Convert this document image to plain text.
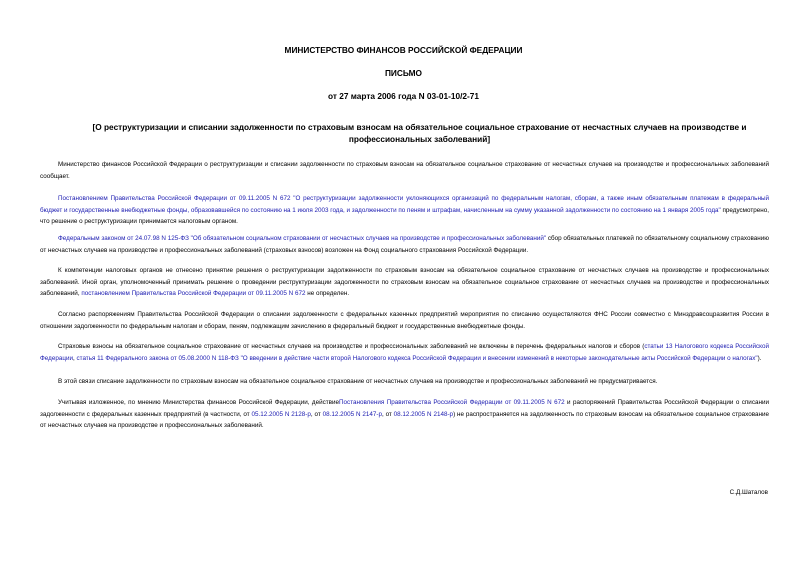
МИНИСТЕРСТВО ФИНАНСОВ РОССИЙСКОЙ ФЕДЕРАЦИИ
ПИСЬМО
от 27 марта 2006 года N 03-01-10/2-71
[О реструктуризации и списании задолженности по страховым взносам на обязательное социальное страхование от несчастных случаев на производстве и профессиональных заболеваний]

Министерство финансов Российской Федерации о реструктуризации и списании задолженности по страховым взносам на обязательное социальное страхование от несчастных случаев на производстве и профессиональных заболеваний сообщает.

Постановлением Правительства Российской Федерации от 09.11.2005 N 672 "О реструктуризации задолженности уклоняющихся организаций по федеральным налогам, сборам, а также иным обязательным платежам в федеральный бюджет и государственные внебюджетные фонды, образовавшейся по состоянию на 1 июля 2003 года, и задолженности по пеням и штрафам, начисленным на сумму указанной задолженности по состоянию на 1 января 2005 года" предусмотрено, что решение о реструктуризации принимается налоговым органом.

Федеральным законом от 24.07.98 N 125-ФЗ "Об обязательном социальном страховании от несчастных случаев на производстве и профессиональных заболеваний" сбор обязательных платежей по обязательному социальному страхованию от несчастных случаев на производстве и профессиональных заболеваний (страховых взносов) возложен на Фонд социального страхования Российской Федерации.

К компетенции налоговых органов не отнесено принятие решения о реструктуризации задолженности по страховым взносам на обязательное социальное страхование от несчастных случаев на производстве и профессиональных заболеваний. Иной орган, уполномоченный принимать решение о проведении реструктуризации задолженности по страховым взносам на обязательное социальное страхование от несчастных случаев на производстве и профессиональных заболеваний, постановлением Правительства Российской Федерации от 09.11.2005 N 672 не определен.

Согласно распоряжениям Правительства Российской Федерации о списании задолженности с федеральных казенных предприятий мероприятия по списанию осуществляются ФНС России совместно с Минздравсоцразвития России в отношении задолженности по федеральным налогам и сборам, пеням, подлежащим зачислению в федеральный бюджет и государственные внебюджетные фонды.

Страховые взносы на обязательное социальное страхование от несчастных случаев на производстве и профессиональных заболеваний не включены в перечень федеральных налогов и сборов (статьи 13 Налогового кодекса Российской Федерации, статья 11 Федерального закона от 05.08.2000 N 118-ФЗ "О введении в действие части второй Налогового кодекса Российской Федерации и внесении изменений в некоторые законодательные акты Российской Федерации о налогах").

В этой связи списание задолженности по страховым взносам на обязательное социальное страхование от несчастных случаев на производстве и профессиональных заболеваний не предусматривается.

Учитывая изложенное, по мнению Министерства финансов Российской Федерации, действиеПостановления Правительства Российской Федерации от 09.11.2005 N 672 и распоряжений Правительства Российской Федерации о списании задолженности с федеральных казенных предприятий (в частности, от 05.12.2005 N 2128-р, от 08.12.2005 N 2147-р, от 08.12.2005 N 2148-р) не распространяется на задолженность по страховым взносам на обязательное социальное страхование от несчастных случаев на производстве и профессиональных заболеваний.

С.Д.Шаталов
